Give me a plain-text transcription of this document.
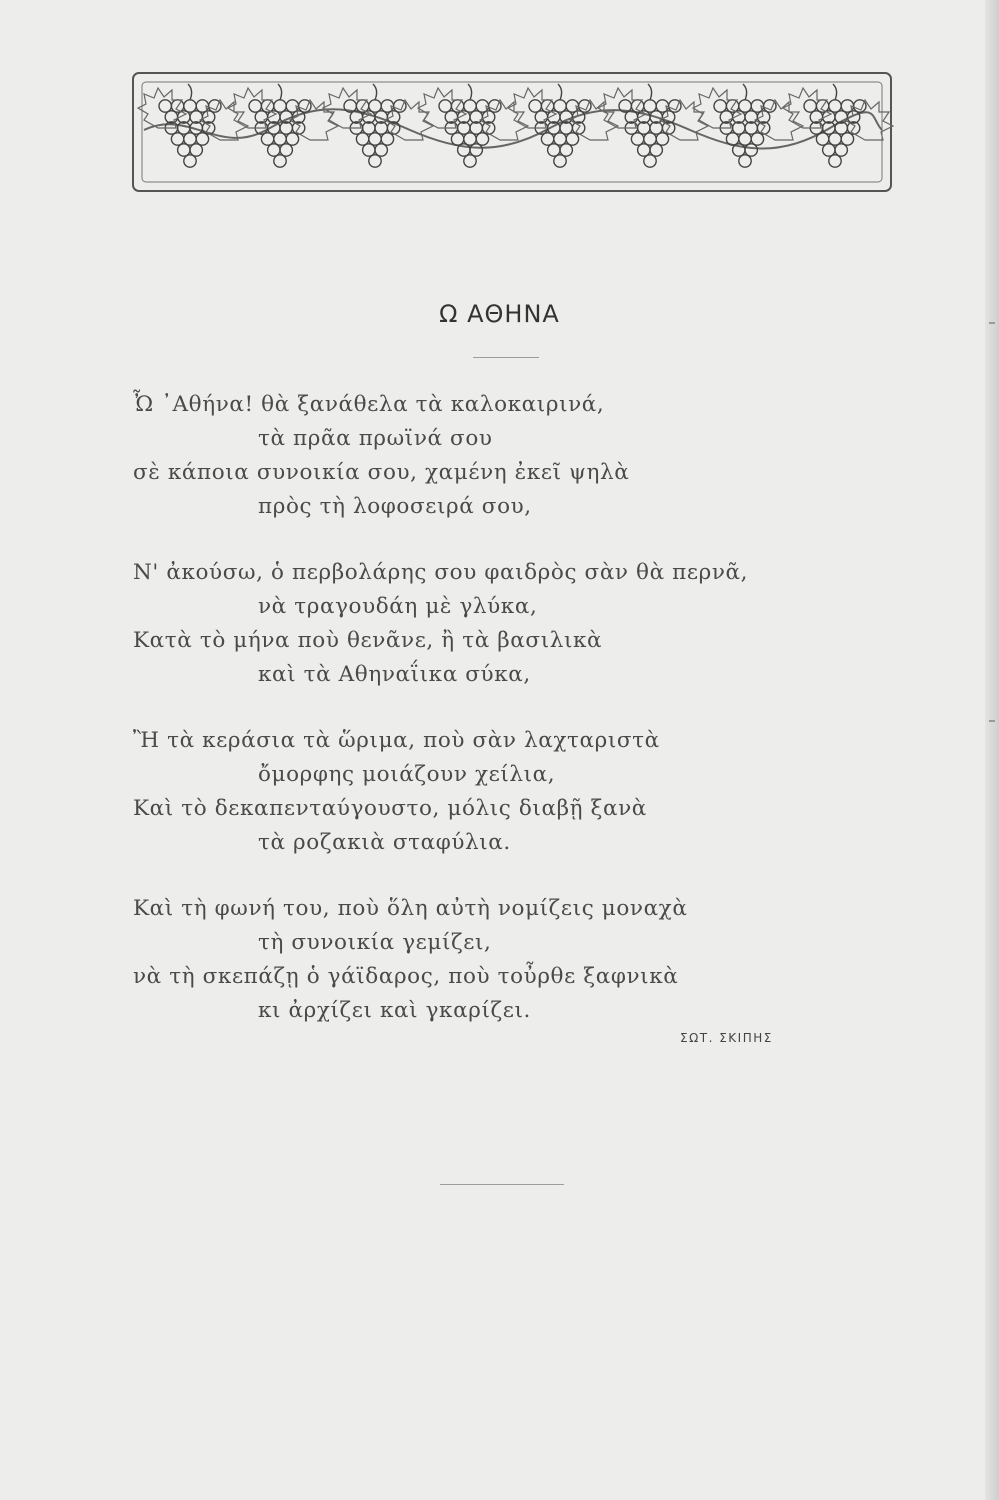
Ω ΑΘΗΝΑ
Ὦ ᾽Αθήνα! θὰ ξανάθελα τὰ καλοκαιρινά,
τὰ πρᾶα πρωϊνά σου
σὲ κάποια συνοικία σου, χαμένη ἐκεῖ ψηλὰ
πρὸς τὴ λοφοσειρά σου,
Ν' ἀκούσω, ὁ περβολάρης σου φαιδρὸς σὰν θὰ περνᾶ,
νὰ τραγουδάη μὲ γλύκα,
Κατὰ τὸ μήνα ποὺ θενᾶνε, ἢ τὰ βασιλικὰ
καὶ τὰ Αθηναΐικα σύκα,
Ἢ τὰ κεράσια τὰ ὥριμα, ποὺ σὰν λαχταριστὰ
ὄμορφης μοιάζουν χείλια,
Καὶ τὸ δεκαπενταύγουστο, μόλις διαβῇ ξανὰ
τὰ ροζακιὰ σταφύλια.
Καὶ τὴ φωνή του, ποὺ ὅλη αὐτὴ νομίζεις μοναχὰ
τὴ συνοικία γεμίζει,
νὰ τὴ σκεπάζῃ ὁ γάϊδαρος, ποὺ τοὖρθε ξαφνικὰ
κι ἀρχίζει καὶ γκαρίζει.
ΣΩΤ. ΣΚΙΠΗΣ
